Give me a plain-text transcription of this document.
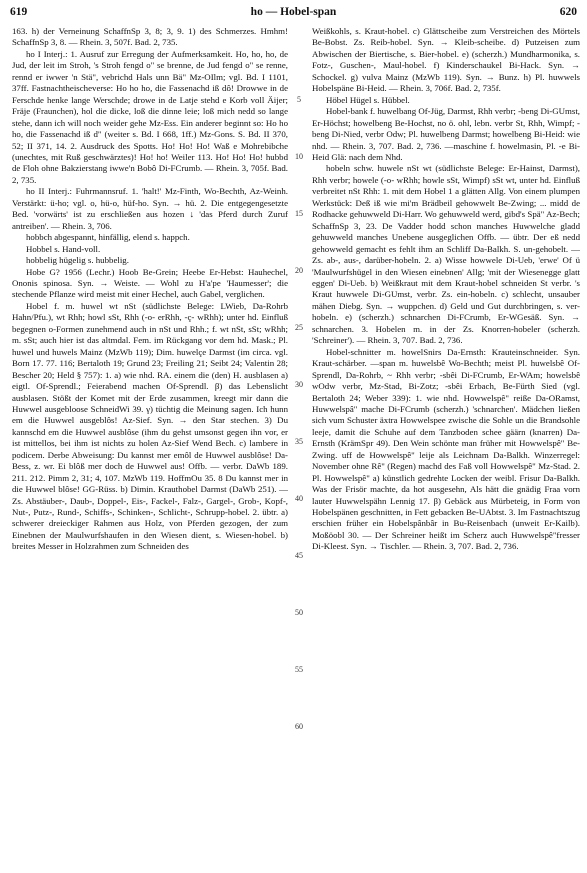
619	ho — Hobel-span	620

163. h) der Verneinung SchaffnSp 3, 8; 3, 9. 1) des Schmerzes. Hmhm! SchaffnSp 3, 8. — Rhein. 3, 507f. Bad. 2, 735.

ho I Interj.: 1. Ausruf zur Erregung der Aufmerksamkeit. Ho, ho, ho, de Jud, der leit im Stroh, 's Stroh fengd o" se brenne, de Jud fengd o" se renne, rennd er iwwer 'n Stä", vebrichd Hals unn Bä" Mz-OIlm; vgl. Bd. I 1101, 37ff. Fastnachtheischeverse: Ho ho ho, die Fassenachd iß dô! Drowwe in de Ferschde henke lange Werschde; drowe in de Latje stehd e Korb voll Äijer; Fräje (Fraunchen), hol die dicke, loß die dinne leie; loß mich nedd so lange stehe, dann ich will noch weider gehe Mz-Ess. Ein anderer beginnt so: Ho ho ho, die Fassenachd iß d" (weiter s. Bd. I 668, 1ff.) Mz-Gons. S. Bd. II 370, 52; II 371, 14. 2. Ausdruck des Spotts. Ho! Ho! Ho! Waß e Mohrebibche (unechtes, mit Ruß geschwärztes)! Ho! ho! Weiler 113. Ho! Ho! Ho! hubbd de Floh ohne Bakzierstang iwwe'n Bobô Di-FCrumb. — Rhein. 3, 705f. Bad. 2, 735.

ho II Interj.: Fuhrmannsruf. 1. 'halt!' Mz-Finth, Wo-Bechth, Az-Weinh. Verstärkt: ü-ho; vgl. o, hü-o, hüf-ho. Syn. → hü. 2. Die entgegengesetzte Bed. 'vorwärts' ist zu erschließen aus hozen ↓ 'das Pferd durch Zuruf antreiben'. — Rhein. 3, 706.

hobbch abgespannt, hinfällig, elend s. happch.

Hobbel s. Hand-voll.

hobbelig hügelig s. hubbelig.

Hobe G? 1956 (Lechr.) Hoob Be-Grein; Heebe Er-Hebst: Hauhechel, Ononis spinosa. Syn. → Weiste. — Wohl zu H'a'pe 'Haumesser'; die stechende Pflanze wird meist mit einer Hechel, auch Gabel, verglichen.

Hobel f. m. huwel wt nSt (südlichste Belege: LWieb, Da-Rohrb Hahn/Pfu.), wt Rhh; howl sSt, Rhh (-o- erRhh, -ç- wRhh); unter hd. Einfluß begegnen o-Formen zunehmend auch in nSt und Rhh.; f. wt nSt, sSt; wRhh; m. sSt; auch hier ist das altmdal. Fem. im Rückgang vor dem hd. Mask.; Pl. huwel und huwels Mainz (MzWb 119); Dim. huwelçe Darmst (im circa. vgl. Born 17. 77. 116; Bertaloth 19; Grund 23; Freiling 21; Seibt 24; Valentin 28; Bescher 20; Held § 757): 1. a) wie nhd. RA. einem die (den) H. ausblasen a) eigtl. Of-Sprendl.; Feierabend machen Of-Sprendl. β) das Lebenslicht ausblasen. Stößt der Komet mit der Erde zusammen, kreegt mir dann die Huwwel ausgebloose SchneidWi 39. γ) tüchtig die Meinung sagen. Ich hunn em die Huwwel ausgeblôs! Az-Sief. Syn. → den Star stechen. 3) Du kannschd em die Huwwel ausblôse (ihm du gehst umsonst gegen ihn vor, er ist mittellos, bei ihm ist nichts zu holen Az-Sief Wend Bech. c) lambere in podicem. Derbe Abweisung: Du kannst mer emôl de Huwwel ausblôse! Da-Bess, z. wr. Ei blôß mer doch de Huwwel aus! Offb. — verbr. DaWb 189. 211. 212. Pimm 2, 31; 4, 107. MzWb 119. HoffmOu 35. 8 Du kannst mer in die Huwwel blôse! GG-Rüss. b) Dimin. Krauthobel Darmst (DaWb 251). — Zs. Abstäuber-, Daub-, Doppel-, Eis-, Fackel-, Falz-, Gargel-, Grob-, Kopf-, Nut-, Putz-, Rund-, Schiffs-, Schinken-, Schlicht-, Schrupp-hobel. 2. übtr. a) schwerer dreieckiger Rahmen aus Holz, von Pferden gezogen, der zum Einebnen der Maulwurfshaufen in den Wiesen dient, s. Wiesen-hobel. b) breites Messer in Holzrahmen zum Schneiden des

5
10
15
20
25
30
35
40
45
50
55
60

Weißkohls, s. Kraut-hobel. c) Glättscheibe zum Verstreichen des Mörtels Be-Bobst. Zs. Reib-hobel. Syn. → Kleib-scheibe. d) Putzeisen zum Abwischen der Biertische, s. Bier-hobel. e) (scherzh.) Mundharmonika, s. Fotz-, Guschen-, Maul-hobel. f) Kinderschaukel Bi-Hack. Syn. → Schockel. g) vulva Mainz (MzWb 119). Syn. → Bunz. h) Pl. huwwels Hobelspäne Bi-Heid. — Rhein. 3, 706f. Bad. 2, 735f.

Höbel Hügel s. Hübbel.

Hobel-bank f. huwelbang Of-Jüg, Darmst, Rhh verbr; -beng Di-GUmst, Er-Höchst; howelbeng Be-Hochst, no ö. ohl, lebn. verbr St, Rhh, Wimpf; -beng Di-Nied, verbr Odw; Pl. huwelbeng Darmst; howelbeng Bi-Heid: wie nhd. — Rhein. 3, 707. Bad. 2, 736. —maschine f. howelmasin, Pl. -e Bi-Heid Glä: nach dem Nhd.

hobeln schw. huwele nSt wt (südlichste Belege: Er-Hainst, Darmst), Rhh verbr; howele (-o- wRhh; howle sSt, Wimpf) sSt wt, unter hd. Einfluß verbreitet nSt Rhh: 1. mit dem Hobel 1 a glätten Allg. Von einem plumpen Werkstück: Deß iß wie mi'm Brädbeil gehowwelt Be-Zwing; ... midd de Rodhacke gehuwweld Di-Harr. Wo gehuwweld werd, gibd's Spä" Az-Bech; SchaffnSp 3, 23. De Vadder hodd schon manches Huwwelche gladd gehuwweld manches Unebene ausgeglichen Offb. — übtr. Der eß nedd gehowweld gemacht es fehlt ihm an Schliff Da-Balkh. S. un-gehobelt. — Zs. ab-, aus-, darüber-hobeln. 2. a) Wisse howwele Di-Ueb, 'erwe' Of ü 'Maulwurfshügel in den Wiesen einebnen' Allg; 'mit der Wiesenegge glatt eggen' Di-Ueb. b) Weißkraut mit dem Kraut-hobel schneiden St verbr. 's Kraut huwwele Di-GUmst, verbr. Zs. ein-hobeln. c) schlecht, unsauber mähen Diebg. Syn. → wuppchen. d) Geld und Gut durchbringen, s. ver-hobeln. e) (scherzh.) schnarchen Di-FCrumb, Er-WGesäß. Syn. → schnarchen. 3. Hobelen m. in der Zs. Knorren-hobeler (scherzh. 'Schreiner'). — Rhein. 3, 707. Bad. 2, 736.

Hobel-schnitter m. howelSnirs Da-Ernsth: Krauteinschneider. Syn. Kraut-schärber. —span m. huwelsbê Wo-Bechth; meist Pl. huwelsbê Of-Sprendl, Da-Rohrb, ~ Rhh verbr; -sbêi Di-FCrumb, Er-WAm; howelsbê wOdw verbr, Mz-Stad, Bi-Zotz; -sbêi Erbach, Be-Fürth Sied (vgl. Bertaloth 24; Weber 339): 1. wie nhd. Howwelspê" reiße Da-ORamst, Huwwelspâ" mache Di-FCrumb (scherzh.) 'schnarchen'. Mädchen ließen sich vum Schuster äxtra Howwelspee zwische die Sohle un die Brandsohle leeje, damit die Schuhe auf dem Tanzboden schee gäärn (knarren) Da-Ernsth (KrämSpr 49). Den Wein schönte man früher mit Howwelspê" Be-Zwing. uff de Howwelspê" leije als Leichnam Da-Balkh. Winzerregel: November ohne Rê" (Regen) machd des Faß voll Howwelspê" Mz-Stad. 2. Pl. Howwelspê" a) künstlich gedrehte Locken der weibl. Frisur Da-Balkh. Was der Frisör machte, da hot ausgesehn, Als hätt die gnädig Fraa vorn lauter Huwwelspähn Lennig 17. β) Gebäck aus Mürbeteig, in Form von Hobelspänen geschnitten, in Fett gebacken Be-UAbtst. 3. Im Fastnachtszug erschien früher ein Hobelspânbâr in Bu-Reisenbach (unweit Er-Kailb). Moßöobl 30. — Der Schreiner heißt im Scherz auch Huwwelspê"fresser Di-Kleest. Syn. → Tischler. — Rhein. 3, 707. Bad. 2, 736.
